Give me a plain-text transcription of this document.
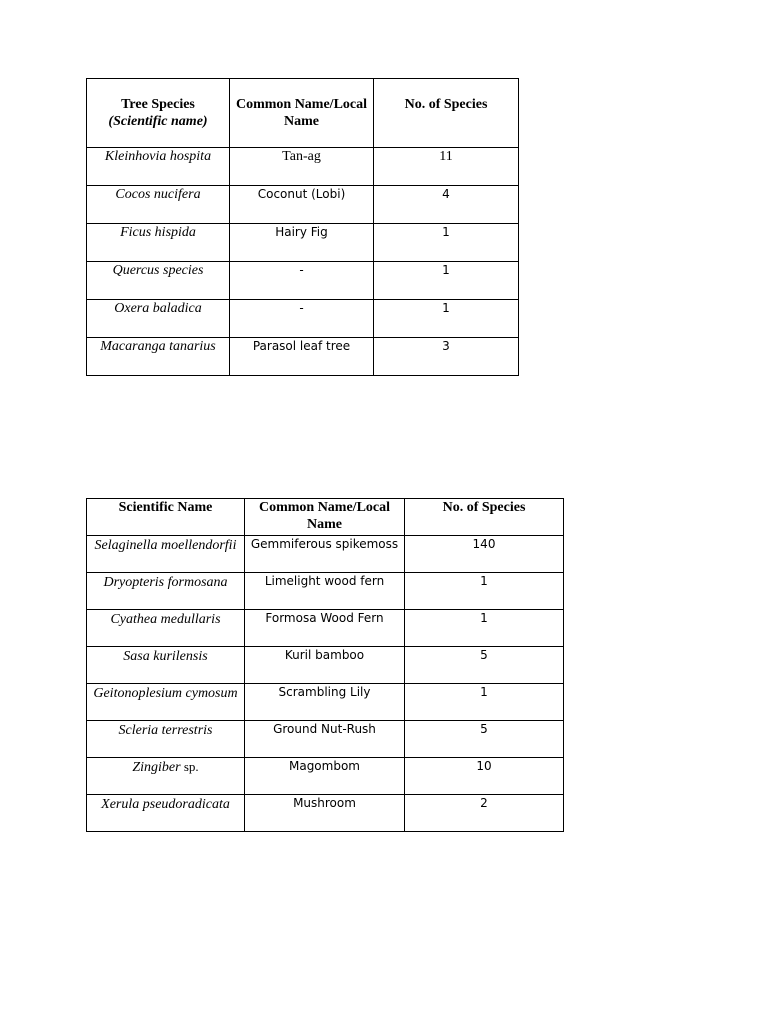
Tree Species
(Scientific name)	Common Name/Local Name	No. of Species
Kleinhovia hospita	Tan-ag	11
Cocos nucifera	Coconut (Lobi)	4
Ficus hispida	Hairy Fig	1
Quercus species	-	1
Oxera baladica	-	1
Macaranga tanarius	Parasol leaf tree	3
Scientific Name	Common Name/Local Name	No. of Species
Selaginella moellendorfii	Gemmiferous spikemoss	140
Dryopteris formosana	Limelight wood fern	1
Cyathea medullaris	Formosa Wood Fern	1
Sasa kurilensis	Kuril bamboo	5
Geitonoplesium cymosum	Scrambling Lily	1
Scleria terrestris	Ground Nut-Rush	5
Zingiber sp.	Magombom	10
Xerula pseudoradicata	Mushroom	2
